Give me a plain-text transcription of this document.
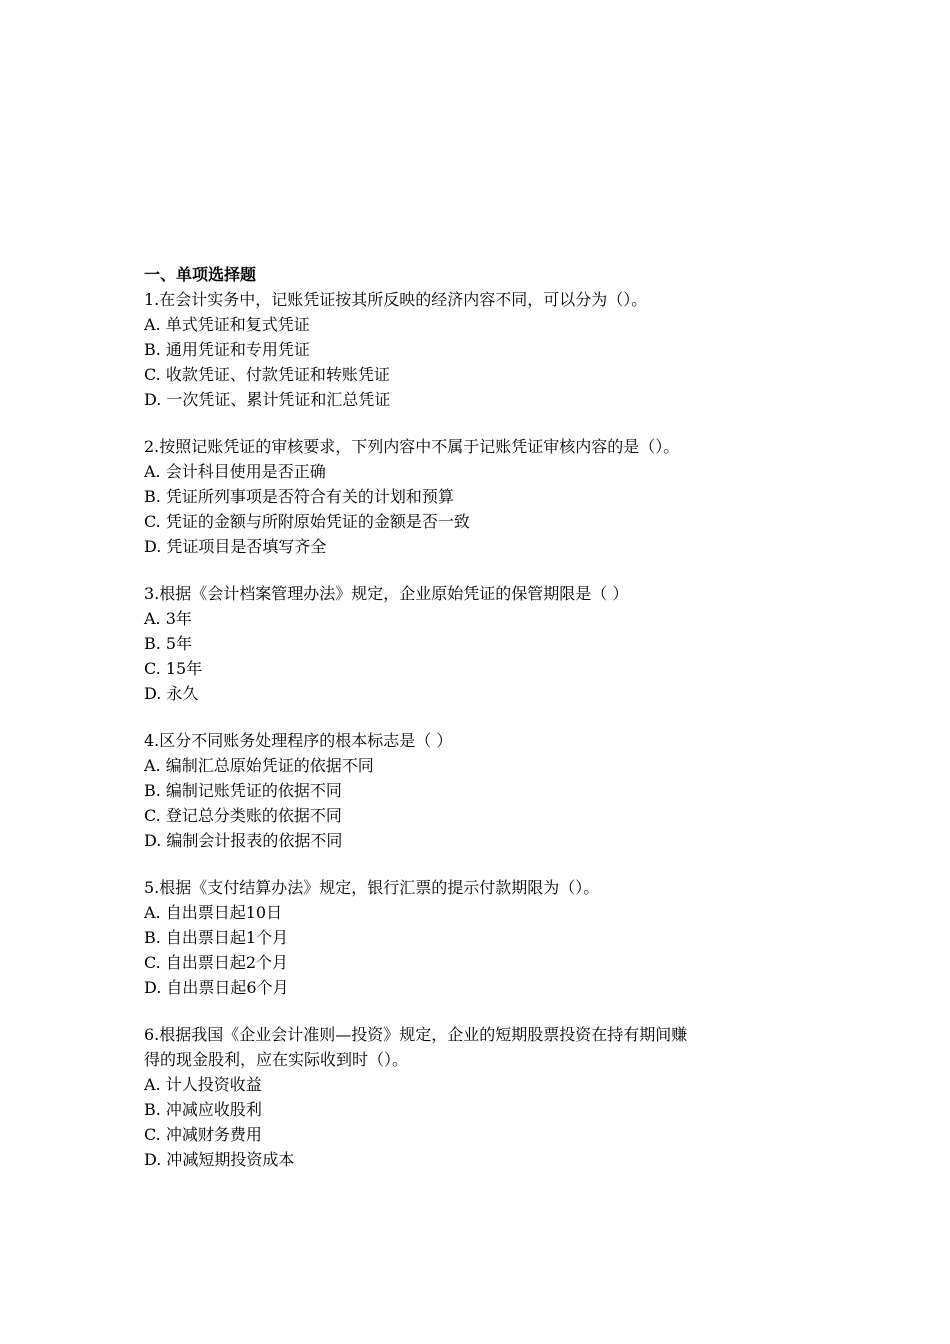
一、单项选择题
1.在会计实务中，记账凭证按其所反映的经济内容不同，可以分为（）。
A. 单式凭证和复式凭证
B. 通用凭证和专用凭证
C. 收款凭证、付款凭证和转账凭证
D. 一次凭证、累计凭证和汇总凭证
2.按照记账凭证的审核要求，下列内容中不属于记账凭证审核内容的是（）。
A. 会计科目使用是否正确
B. 凭证所列事项是否符合有关的计划和预算
C. 凭证的金额与所附原始凭证的金额是否一致
D. 凭证项目是否填写齐全
3.根据《会计档案管理办法》规定，企业原始凭证的保管期限是（ ）
A. 3年
B. 5年
C. 15年
D. 永久
4.区分不同账务处理程序的根本标志是（ ）
A. 编制汇总原始凭证的依据不同
B. 编制记账凭证的依据不同
C. 登记总分类账的依据不同
D. 编制会计报表的依据不同
5.根据《支付结算办法》规定，银行汇票的提示付款期限为（）。
A. 自出票日起10日
B. 自出票日起1个月
C. 自出票日起2个月
D. 自出票日起6个月
6.根据我国《企业会计准则—投资》规定，企业的短期股票投资在持有期间赚
得的现金股利，应在实际收到时（）。
A. 计人投资收益
B. 冲减应收股利
C. 冲减财务费用
D. 冲减短期投资成本
